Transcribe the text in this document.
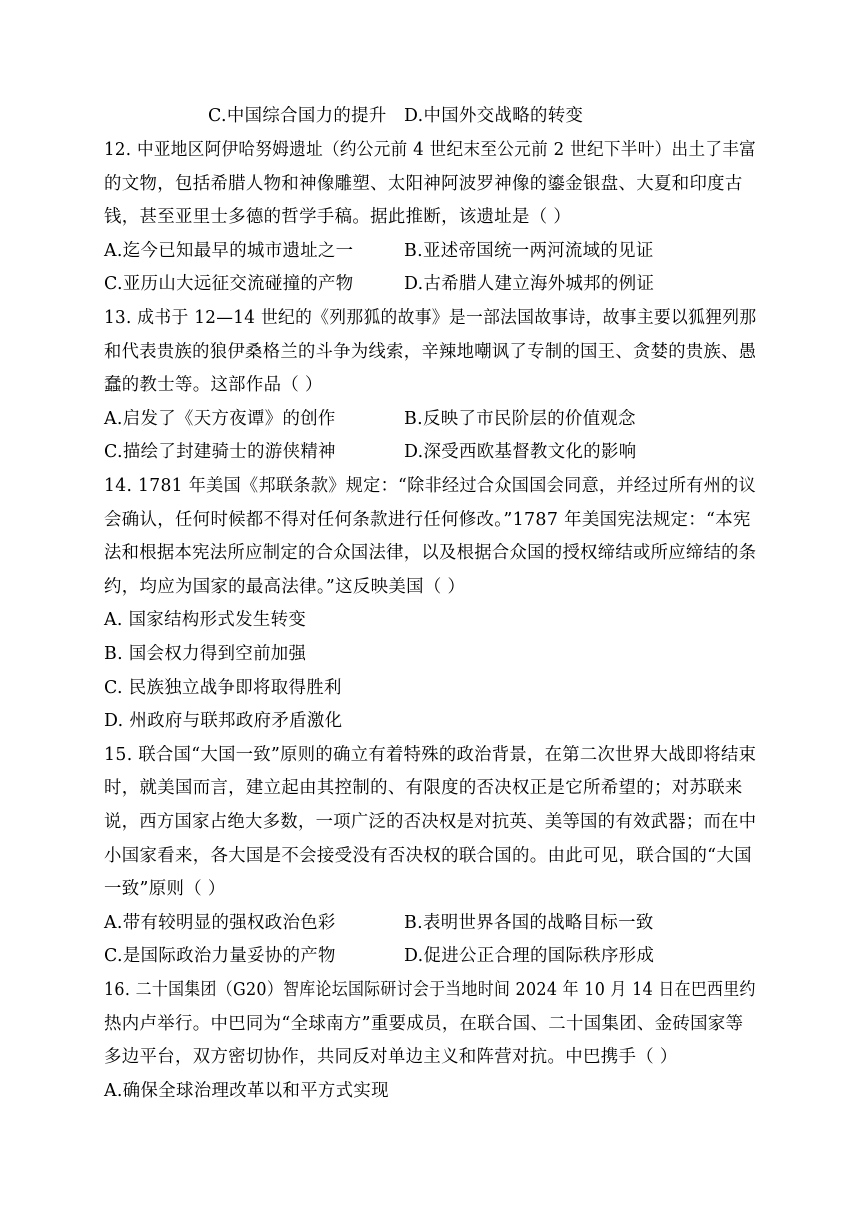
C.中国综合国力的提升 D.中国外交战略的转变
12. 中亚地区阿伊哈努姆遗址（约公元前 4 世纪末至公元前 2 世纪下半叶）出土了丰富
的文物，包括希腊人物和神像雕塑、太阳神阿波罗神像的鎏金银盘、大夏和印度古
钱，甚至亚里士多德的哲学手稿。据此推断，该遗址是（ ）
A.迄今已知最早的城市遗址之一	B.亚述帝国统一两河流域的见证
C.亚历山大远征交流碰撞的产物	D.古希腊人建立海外城邦的例证
13. 成书于 12—14 世纪的《列那狐的故事》是一部法国故事诗，故事主要以狐狸列那
和代表贵族的狼伊桑格兰的斗争为线索，辛辣地嘲讽了专制的国王、贪婪的贵族、愚
蠢的教士等。这部作品（ ）
A.启发了《天方夜谭》的创作	B.反映了市民阶层的价值观念
C.描绘了封建骑士的游侠精神	D.深受西欧基督教文化的影响
14. 1781 年美国《邦联条款》规定：“除非经过合众国国会同意，并经过所有州的议
会确认，任何时候都不得对任何条款进行任何修改。”1787 年美国宪法规定：“本宪
法和根据本宪法所应制定的合众国法律，以及根据合众国的授权缔结或所应缔结的条
约，均应为国家的最高法律。”这反映美国（ ）
A. 国家结构形式发生转变
B. 国会权力得到空前加强
C. 民族独立战争即将取得胜利
D. 州政府与联邦政府矛盾激化
15. 联合国“大国一致”原则的确立有着特殊的政治背景，在第二次世界大战即将结束
时，就美国而言，建立起由其控制的、有限度的否决权正是它所希望的；对苏联来
说，西方国家占绝大多数，一项广泛的否决权是对抗英、美等国的有效武器；而在中
小国家看来，各大国是不会接受没有否决权的联合国的。由此可见，联合国的“大国
一致”原则（ ）
A.带有较明显的强权政治色彩	B.表明世界各国的战略目标一致
C.是国际政治力量妥协的产物	D.促进公正合理的国际秩序形成
16. 二十国集团（G20）智库论坛国际研讨会于当地时间 2024 年 10 月 14 日在巴西里约
热内卢举行。中巴同为“全球南方”重要成员，在联合国、二十国集团、金砖国家等
多边平台，双方密切协作，共同反对单边主义和阵营对抗。中巴携手（ ）
A.确保全球治理改革以和平方式实现
